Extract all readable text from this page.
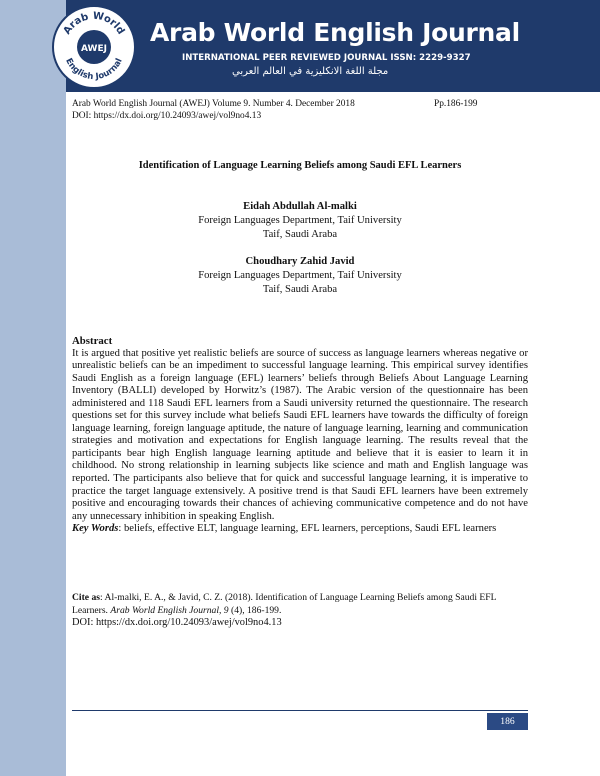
Arab World
English Journal
AWEJ
Arab World English Journal
INTERNATIONAL PEER REVIEWED JOURNAL ISSN: 2229-9327
مجلة اللغة الانكليزية في العالم العربي
Arab World English Journal (AWEJ) Volume 9. Number 4. December 2018	Pp.186-199
DOI: https://dx.doi.org/10.24093/awej/vol9no4.13
Identification of Language Learning Beliefs among Saudi EFL Learners
Eidah Abdullah Al-malki
Foreign Languages Department, Taif University
Taif, Saudi Araba
Choudhary Zahid Javid
Foreign Languages Department, Taif University
Taif, Saudi Araba
Abstract

It is argued that positive yet realistic beliefs are source of success as language learners whereas negative or unrealistic beliefs can be an impediment to successful language learning. This empirical survey identifies Saudi English as a foreign language (EFL) learners’ beliefs through Beliefs About Language Learning Inventory (BALLI) developed by Horwitz’s (1987). The Arabic version of the questionnaire has been administered and 118 Saudi EFL learners from a Saudi university returned the questionnaire. The research questions set for this survey include what beliefs Saudi EFL learners have towards the difficulty of foreign language learning, foreign language aptitude, the nature of language learning, learning and communication strategies and motivation and expectations for English language learning. The results reveal that the participants bear high English language learning aptitude and believe that it is easier to learn it in childhood. No strong relationship in learning subjects like science and math and English language was reported. The participants also believe that for quick and successful language learning, it is imperative to practice the target language extensively. A positive trend is that Saudi EFL learners have been extremely positive and encouraging towards their chances of achieving communicative competence and do not have any unnecessary inhibition in speaking English.

Key Words: beliefs, effective ELT, language learning, EFL learners, perceptions, Saudi EFL learners

Cite as: Al-malki, E. A., & Javid, C. Z. (2018). Identification of Language Learning Beliefs among Saudi EFL Learners. Arab World English Journal, 9 (4), 186-199.

DOI: https://dx.doi.org/10.24093/awej/vol9no4.13

186
